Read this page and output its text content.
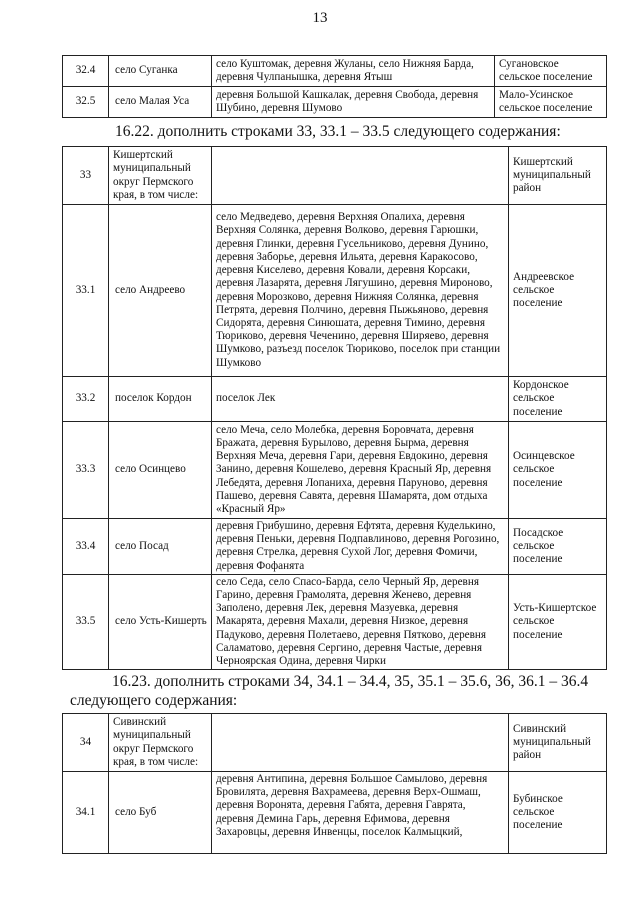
13
32.4	село Суганка	село Куштомак, деревня Жуланы, село Нижняя Барда, деревня Чулпанышка, деревня Ятыш	Сугановское сельское поселение
32.5	село Малая Уса	деревня Большой Кашкалак, деревня Свобода, деревня Шубино, деревня Шумово	Мало-Усинское сельское поселение
16.22. дополнить строками 33, 33.1 – 33.5 следующего содержания:
33	Кишертский муниципальный округ Пермского края, в том числе:		Кишертский муниципальный район
33.1	село Андреево	село Медведево, деревня Верхняя Опалиха, деревня Верхняя Солянка, деревня Волково, деревня Гарюшки, деревня Глинки, деревня Гусельниково, деревня Дунино, деревня Заборье, деревня Ильята, деревня Каракосово, деревня Киселево, деревня Ковали, деревня Корсаки, деревня Лазарята, деревня Лягушино, деревня Мироново, деревня Морозково, деревня Нижняя Солянка, деревня Петрята, деревня Полчино, деревня Пыжьяново, деревня Сидорята, деревня Синюшата, деревня Тимино, деревня Тюриково, деревня Чеченино, деревня Ширяево, деревня Шумково, разъезд поселок Тюриково, поселок при станции Шумково	Андреевское сельское поселение
33.2	поселок Кордон	поселок Лек	Кордонское сельское поселение
33.3	село Осинцево	село Меча, село Молебка, деревня Боровчата, деревня Бражата, деревня Бурылово, деревня Бырма, деревня Верхняя Меча, деревня Гари, деревня Евдокино, деревня Занино, деревня Кошелево, деревня Красный Яр, деревня Лебедята, деревня Лопаниха, деревня Паруново, деревня Пашево, деревня Савята, деревня Шамарята, дом отдыха «Красный Яр»	Осинцевское сельское поселение
33.4	село Посад	деревня Грибушино, деревня Ефтята, деревня Куделькино, деревня Пеньки, деревня Подпавлиново, деревня Рогозино, деревня Стрелка, деревня Сухой Лог, деревня Фомичи, деревня Фофанята	Посадское сельское поселение
33.5	село Усть-Кишерть	село Седа, село Спасо-Барда, село Черный Яр, деревня Гарино, деревня Грамолята, деревня Женево, деревня Заполено, деревня Лек, деревня Мазуевка, деревня Макарята, деревня Махали, деревня Низкое, деревня Падуково, деревня Полетаево, деревня Пятково, деревня Саламатово, деревня Сергино, деревня Частые, деревня Черноярская Одина, деревня Чирки	Усть-Кишертское сельское поселение
16.23. дополнить строками 34, 34.1 – 34.4, 35, 35.1 – 35.6, 36, 36.1 – 36.4
следующего содержания:
34	Сивинский муниципальный округ Пермского края, в том числе:		Сивинский муниципальный район
34.1	село Буб	деревня Антипина, деревня Большое Самылово, деревня Бровилята, деревня Вахрамеева, деревня Верх-Ошмаш, деревня Воронята, деревня Габята, деревня Гаврята, деревня Демина Гарь, деревня Ефимова, деревня Захаровцы, деревня Инвенцы, поселок Калмыцкий,	Бубинское сельское поселение
